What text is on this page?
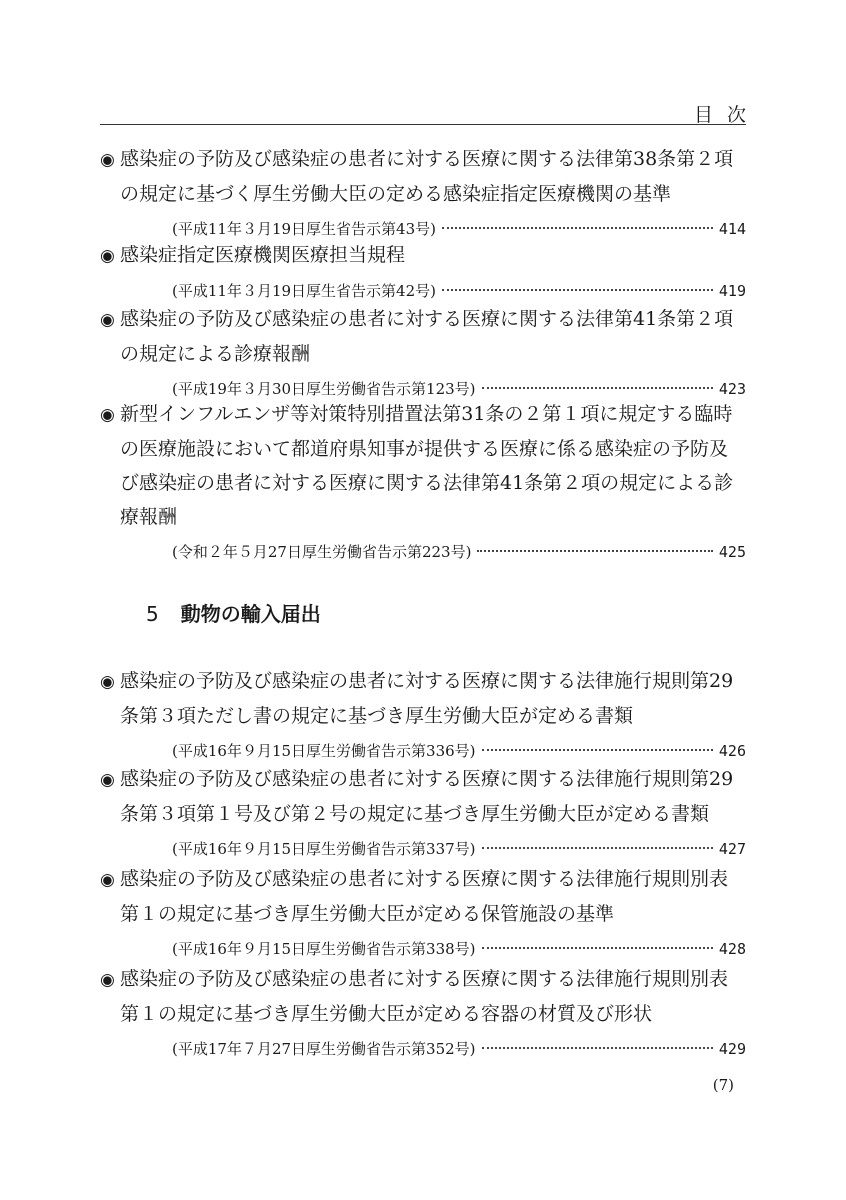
目次

◉ 感染症の予防及び感染症の患者に対する医療に関する法律第38条第２項
の規定に基づく厚生労働大臣の定める感染症指定医療機関の基準

(平成11年３月19日厚生省告示第43号)	414

◉ 感染症指定医療機関医療担当規程

(平成11年３月19日厚生省告示第42号)	419

◉ 感染症の予防及び感染症の患者に対する医療に関する法律第41条第２項
の規定による診療報酬

(平成19年３月30日厚生労働省告示第123号)	423

◉ 新型インフルエンザ等対策特別措置法第31条の２第１項に規定する臨時
の医療施設において都道府県知事が提供する医療に係る感染症の予防及
び感染症の患者に対する医療に関する法律第41条第２項の規定による診
療報酬

(令和２年５月27日厚生労働省告示第223号)	425
5 動物の輸入届出

◉ 感染症の予防及び感染症の患者に対する医療に関する法律施行規則第29
条第３項ただし書の規定に基づき厚生労働大臣が定める書類

(平成16年９月15日厚生労働省告示第336号)	426

◉ 感染症の予防及び感染症の患者に対する医療に関する法律施行規則第29
条第３項第１号及び第２号の規定に基づき厚生労働大臣が定める書類

(平成16年９月15日厚生労働省告示第337号)	427

◉ 感染症の予防及び感染症の患者に対する医療に関する法律施行規則別表
第１の規定に基づき厚生労働大臣が定める保管施設の基準

(平成16年９月15日厚生労働省告示第338号)	428

◉ 感染症の予防及び感染症の患者に対する医療に関する法律施行規則別表
第１の規定に基づき厚生労働大臣が定める容器の材質及び形状

(平成17年７月27日厚生労働省告示第352号)	429
(7)
